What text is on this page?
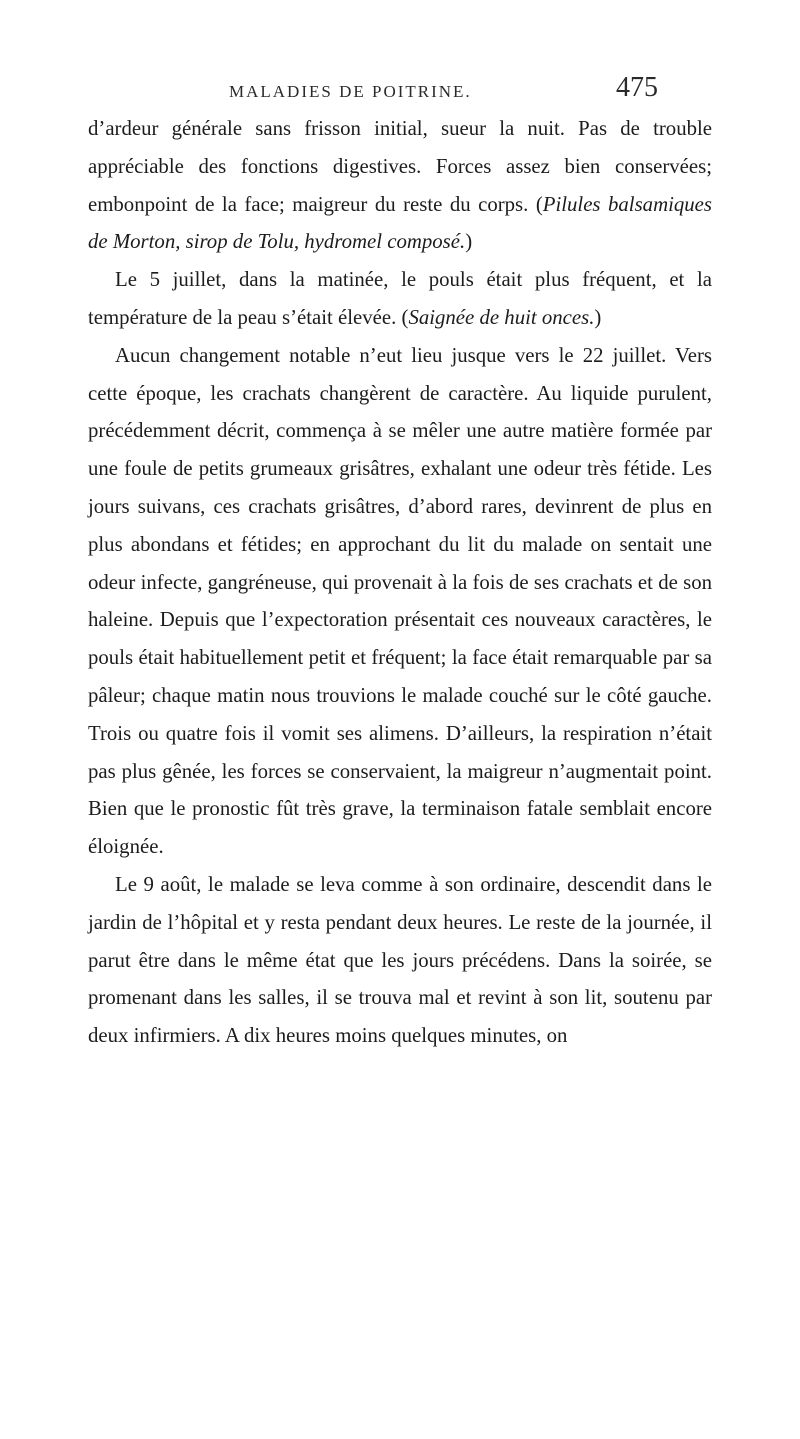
MALADIES DE POITRINE.	475

d’ardeur générale sans frisson initial, sueur la nuit. Pas de trouble appréciable des fonctions digestives. Forces assez bien conservées; embonpoint de la face; maigreur du reste du corps. (Pilules balsamiques de Morton, sirop de Tolu, hydromel composé.)

Le 5 juillet, dans la matinée, le pouls était plus fréquent, et la température de la peau s’était élevée. (Saignée de huit onces.)

Aucun changement notable n’eut lieu jusque vers le 22 juillet. Vers cette époque, les crachats changèrent de caractère. Au liquide purulent, précédemment décrit, commença à se mêler une autre matière formée par une foule de petits grumeaux grisâtres, exhalant une odeur très fétide. Les jours suivans, ces crachats grisâtres, d’abord rares, devinrent de plus en plus abondans et fétides; en approchant du lit du malade on sentait une odeur infecte, gangréneuse, qui provenait à la fois de ses crachats et de son haleine. Depuis que l’expectoration présentait ces nouveaux caractères, le pouls était habituellement petit et fréquent; la face était remarquable par sa pâleur; chaque matin nous trouvions le malade couché sur le côté gauche. Trois ou quatre fois il vomit ses alimens. D’ailleurs, la respiration n’était pas plus gênée, les forces se conservaient, la maigreur n’augmentait point. Bien que le pronostic fût très grave, la terminaison fatale semblait encore éloignée.

Le 9 août, le malade se leva comme à son ordinaire, descendit dans le jardin de l’hôpital et y resta pendant deux heures. Le reste de la journée, il parut être dans le même état que les jours précédens. Dans la soirée, se promenant dans les salles, il se trouva mal et revint à son lit, soutenu par deux infirmiers. A dix heures moins quelques minutes, on
